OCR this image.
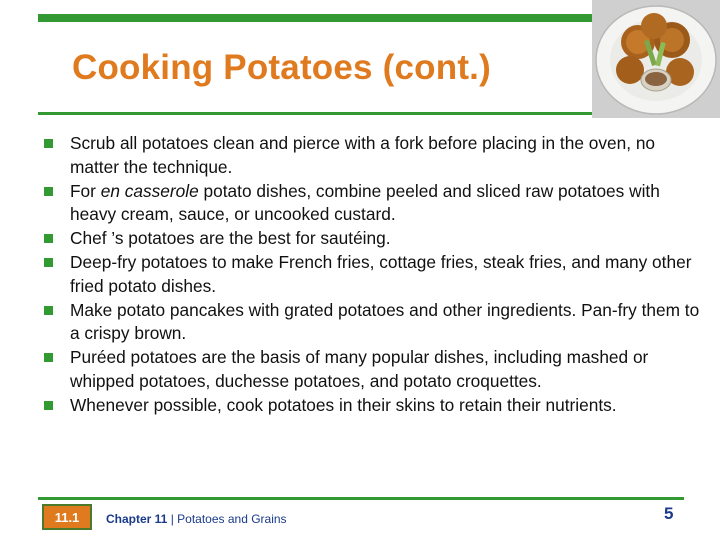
Cooking Potatoes (cont.)
Scrub all potatoes clean and pierce with a fork before placing in the oven, no matter the technique.
For en casserole potato dishes, combine peeled and sliced raw potatoes with heavy cream, sauce, or uncooked custard.
Chef ’s potatoes are the best for sautéing.
Deep-fry potatoes to make French fries, cottage fries, steak fries, and many other fried potato dishes.
Make potato pancakes with grated potatoes and other ingredients. Pan-fry them to a crispy brown.
Puréed potatoes are the basis of many popular dishes, including mashed or whipped potatoes, duchesse potatoes, and potato croquettes.
Whenever possible, cook potatoes in their skins to retain their nutrients.
11.1	Chapter 11 | Potatoes and Grains	5
